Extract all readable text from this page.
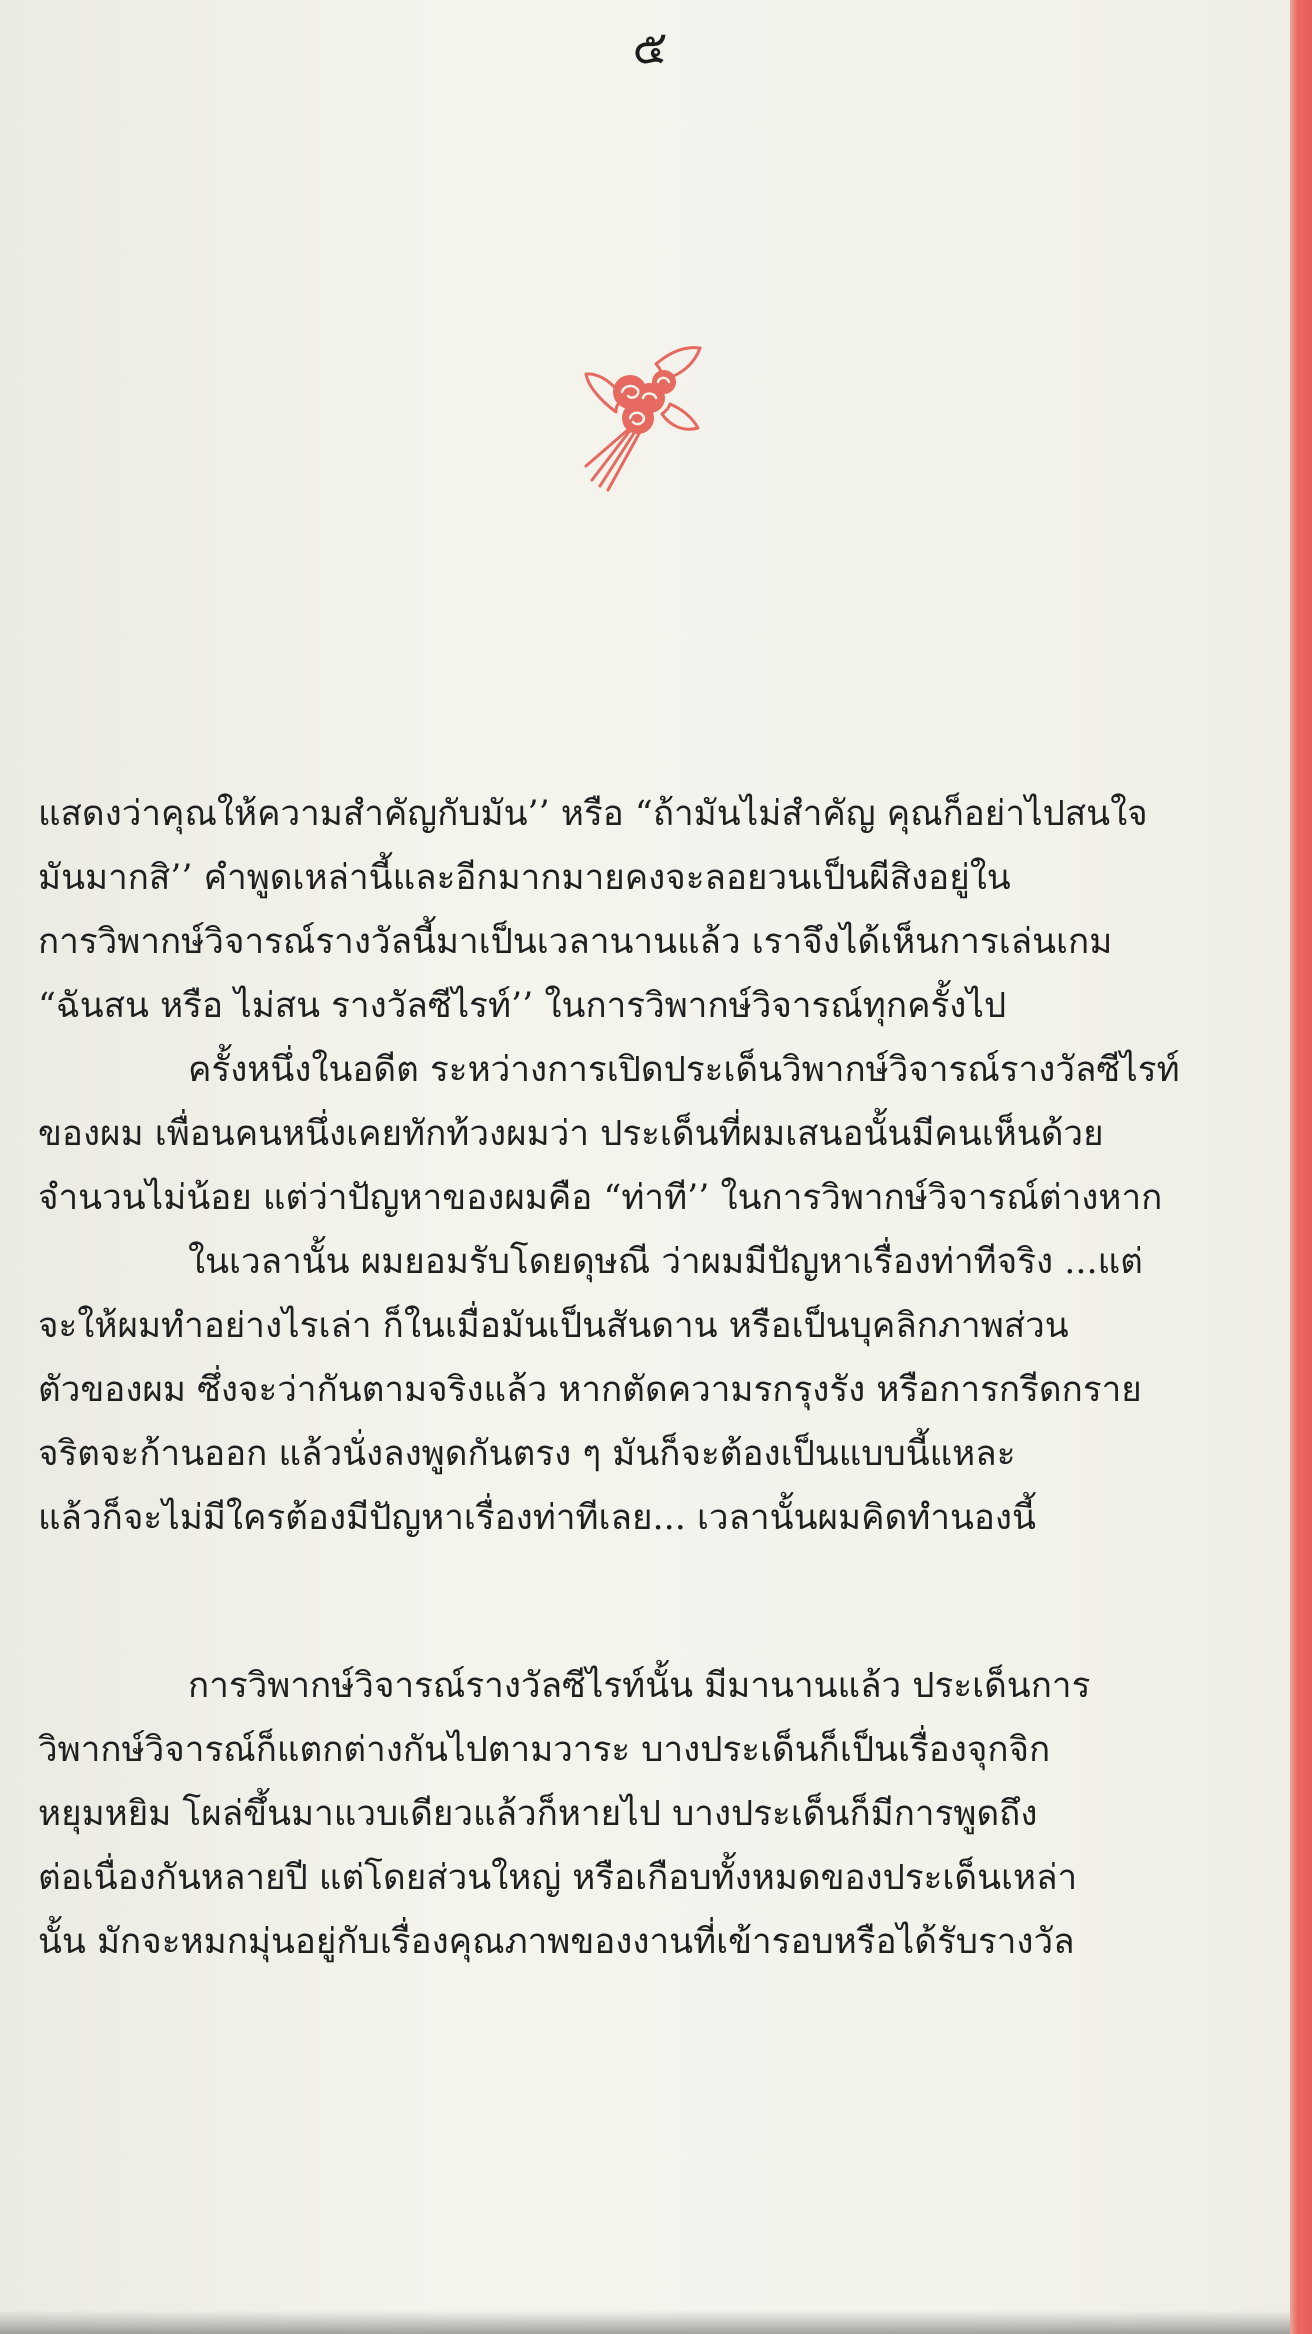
๕
แสดงว่าคุณให้ความสำคัญกับมัน’’ หรือ “ถ้ามันไม่สำคัญ คุณก็อย่าไปสนใจ
มันมากสิ’’ คำพูดเหล่านี้และอีกมากมายคงจะลอยวนเป็นผีสิงอยู่ใน
การวิพากษ์วิจารณ์รางวัลนี้มาเป็นเวลานานแล้ว เราจึงได้เห็นการเล่นเกม
“ฉันสน หรือ ไม่สน รางวัลซีไรท์’’ ในการวิพากษ์วิจารณ์ทุกครั้งไป
ครั้งหนึ่งในอดีต ระหว่างการเปิดประเด็นวิพากษ์วิจารณ์รางวัลซีไรท์
ของผม เพื่อนคนหนึ่งเคยทักท้วงผมว่า ประเด็นที่ผมเสนอนั้นมีคนเห็นด้วย
จำนวนไม่น้อย แต่ว่าปัญหาของผมคือ “ท่าที’’ ในการวิพากษ์วิจารณ์ต่างหาก
ในเวลานั้น ผมยอมรับโดยดุษณี ว่าผมมีปัญหาเรื่องท่าทีจริง ...แต่
จะให้ผมทำอย่างไรเล่า ก็ในเมื่อมันเป็นสันดาน หรือเป็นบุคลิกภาพส่วน
ตัวของผม ซึ่งจะว่ากันตามจริงแล้ว หากตัดความรกรุงรัง หรือการกรีดกราย
จริตจะก้านออก แล้วนั่งลงพูดกันตรง ๆ มันก็จะต้องเป็นแบบนี้แหละ
แล้วก็จะไม่มีใครต้องมีปัญหาเรื่องท่าทีเลย... เวลานั้นผมคิดทำนองนี้
การวิพากษ์วิจารณ์รางวัลซีไรท์นั้น มีมานานแล้ว ประเด็นการ
วิพากษ์วิจารณ์ก็แตกต่างกันไปตามวาระ บางประเด็นก็เป็นเรื่องจุกจิก
หยุมหยิม โผล่ขึ้นมาแวบเดียวแล้วก็หายไป บางประเด็นก็มีการพูดถึง
ต่อเนื่องกันหลายปี แต่โดยส่วนใหญ่ หรือเกือบทั้งหมดของประเด็นเหล่า
นั้น มักจะหมกมุ่นอยู่กับเรื่องคุณภาพของงานที่เข้ารอบหรือได้รับรางวัล
